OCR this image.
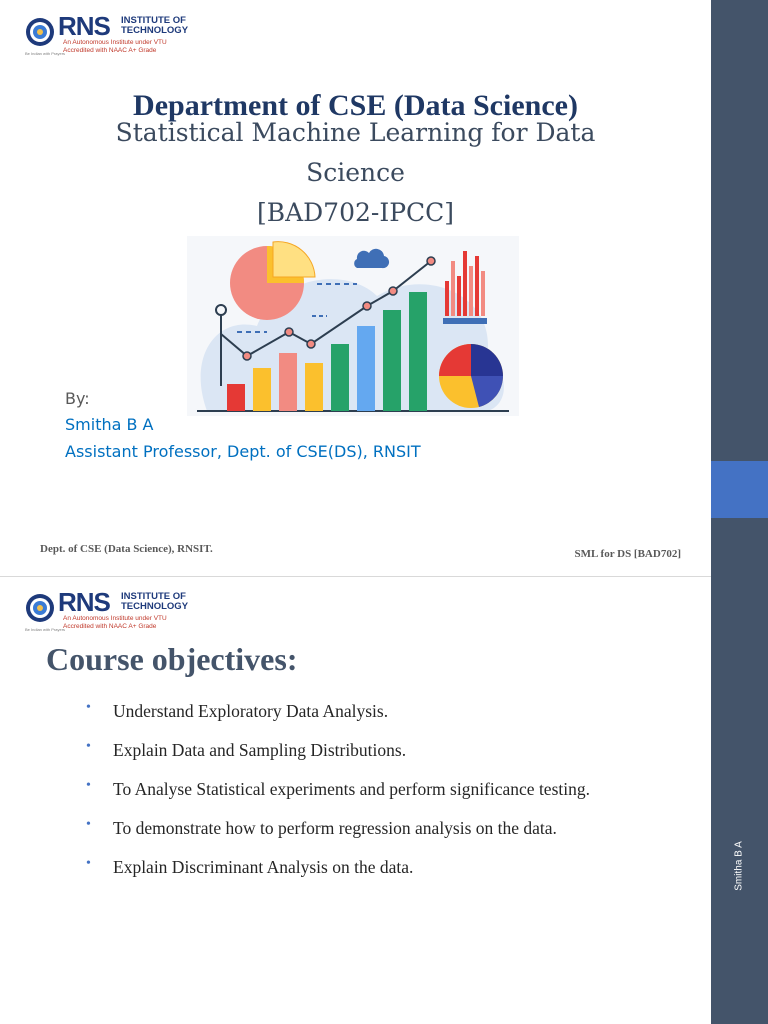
Smitha B A
RNS INSTITUTE OF
TECHNOLOGY
An Autonomous Institute under VTU
Accredited with NAAC A+ Grade
Be Indian with Prayers
Department of CSE (Data Science)
Statistical Machine Learning for Data
Science
[BAD702-IPCC]
By:
Smitha B A
Assistant Professor, Dept. of CSE(DS), RNSIT
Dept. of CSE (Data Science), RNSIT.	SML for DS [BAD702]
RNS INSTITUTE OF
TECHNOLOGY
An Autonomous Institute under VTU
Accredited with NAAC A+ Grade
Be Indian with Prayers
Course objectives:
• Understand Exploratory Data Analysis.
• Explain Data and Sampling Distributions.
• To Analyse Statistical experiments and perform significance testing.
• To demonstrate how to perform regression analysis on the data.
• Explain Discriminant Analysis on the data.
